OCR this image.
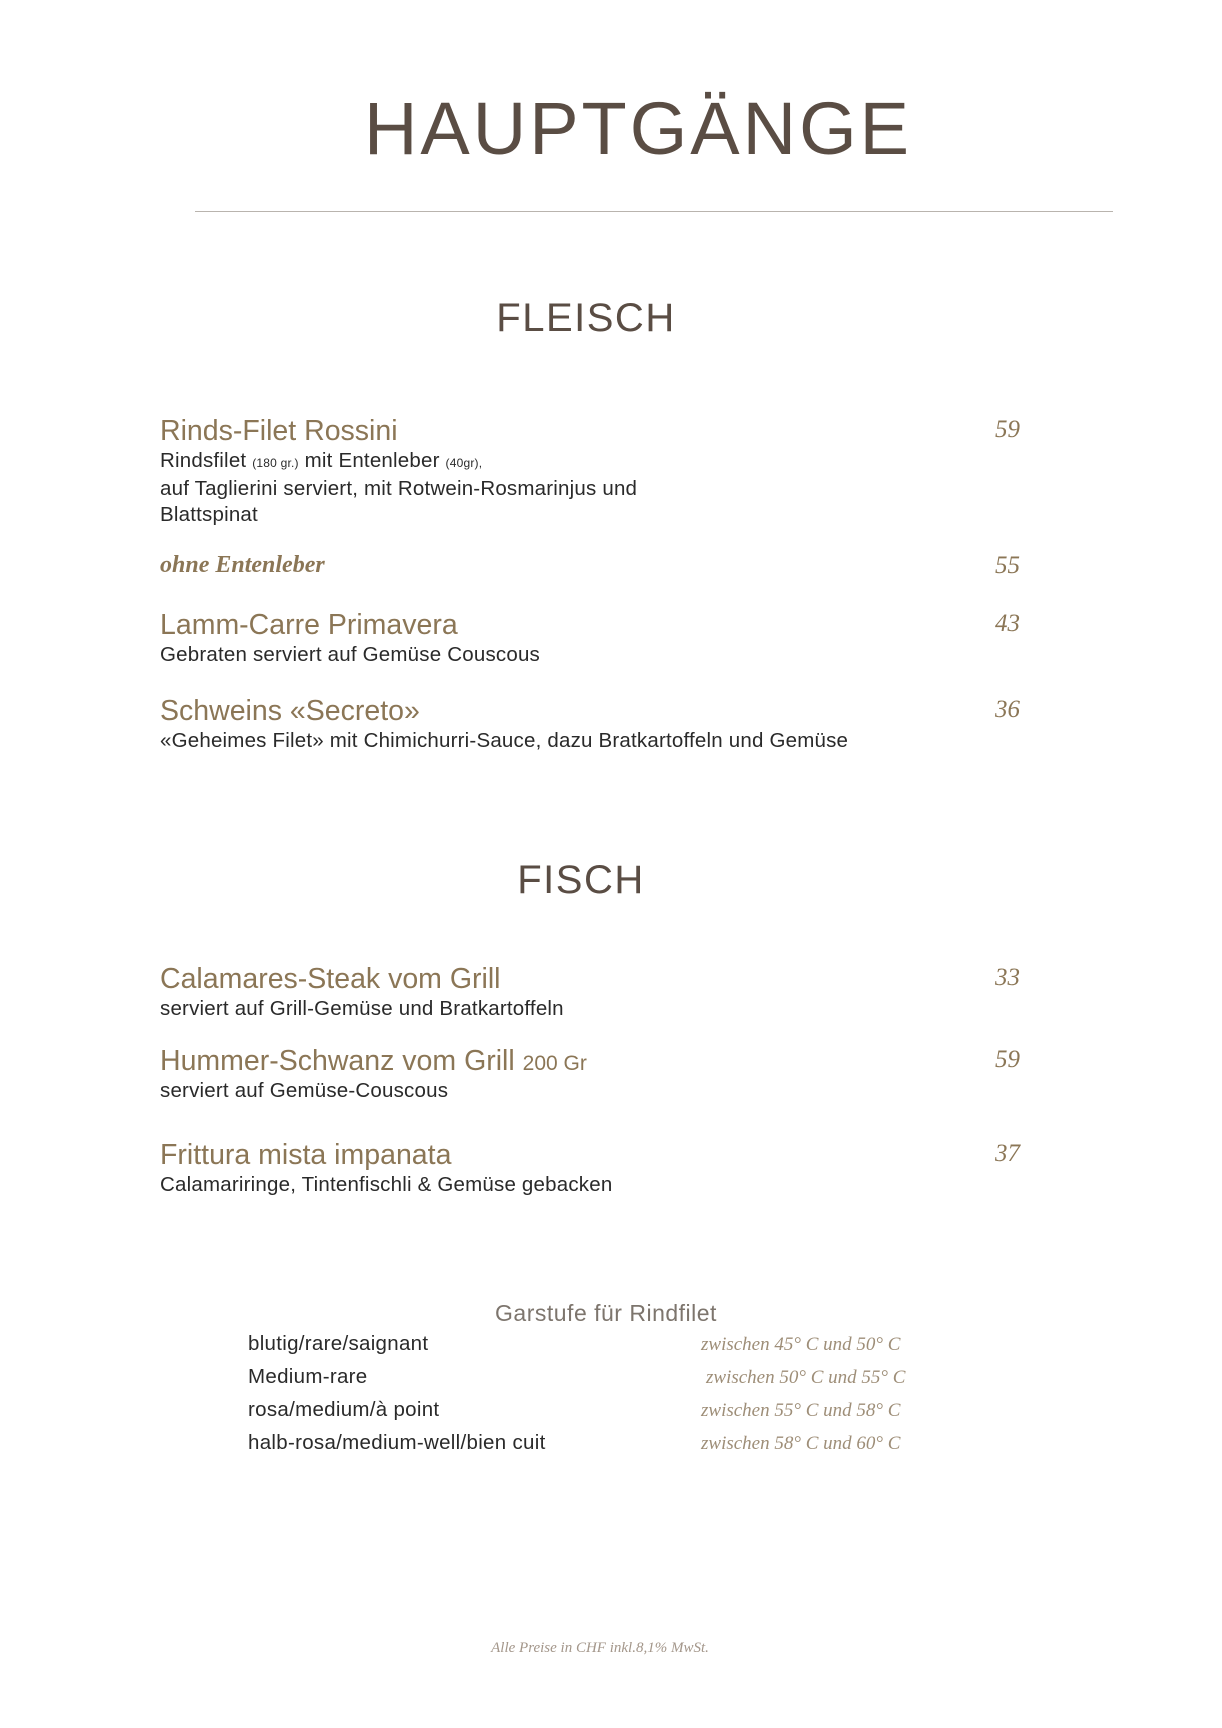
HAUPTGÄNGE
FLEISCH
Rinds-Filet Rossini
Rindsfilet (180 gr.) mit Entenleber (40gr),
auf Taglierini serviert, mit Rotwein-Rosmarinjus und
Blattspinat
59
ohne Entenleber	55
Lamm-Carre Primavera
Gebraten serviert auf Gemüse Couscous
43
Schweins «Secreto»
«Geheimes Filet» mit Chimichurri-Sauce, dazu Bratkartoffeln und Gemüse
36
FISCH
Calamares-Steak vom Grill
serviert auf Grill-Gemüse und Bratkartoffeln
33
Hummer-Schwanz vom Grill 200 Gr
serviert auf Gemüse-Couscous
59
Frittura mista impanata
Calamariringe, Tintenfischli & Gemüse gebacken
37
Garstufe für Rindfilet
blutig/rare/saignant	zwischen 45° C und 50° C
Medium-rare	zwischen 50° C und 55° C
rosa/medium/à point	zwischen 55° C und 58° C
halb-rosa/medium-well/bien cuit	zwischen 58° C und 60° C
Alle Preise in CHF inkl.8,1% MwSt.
